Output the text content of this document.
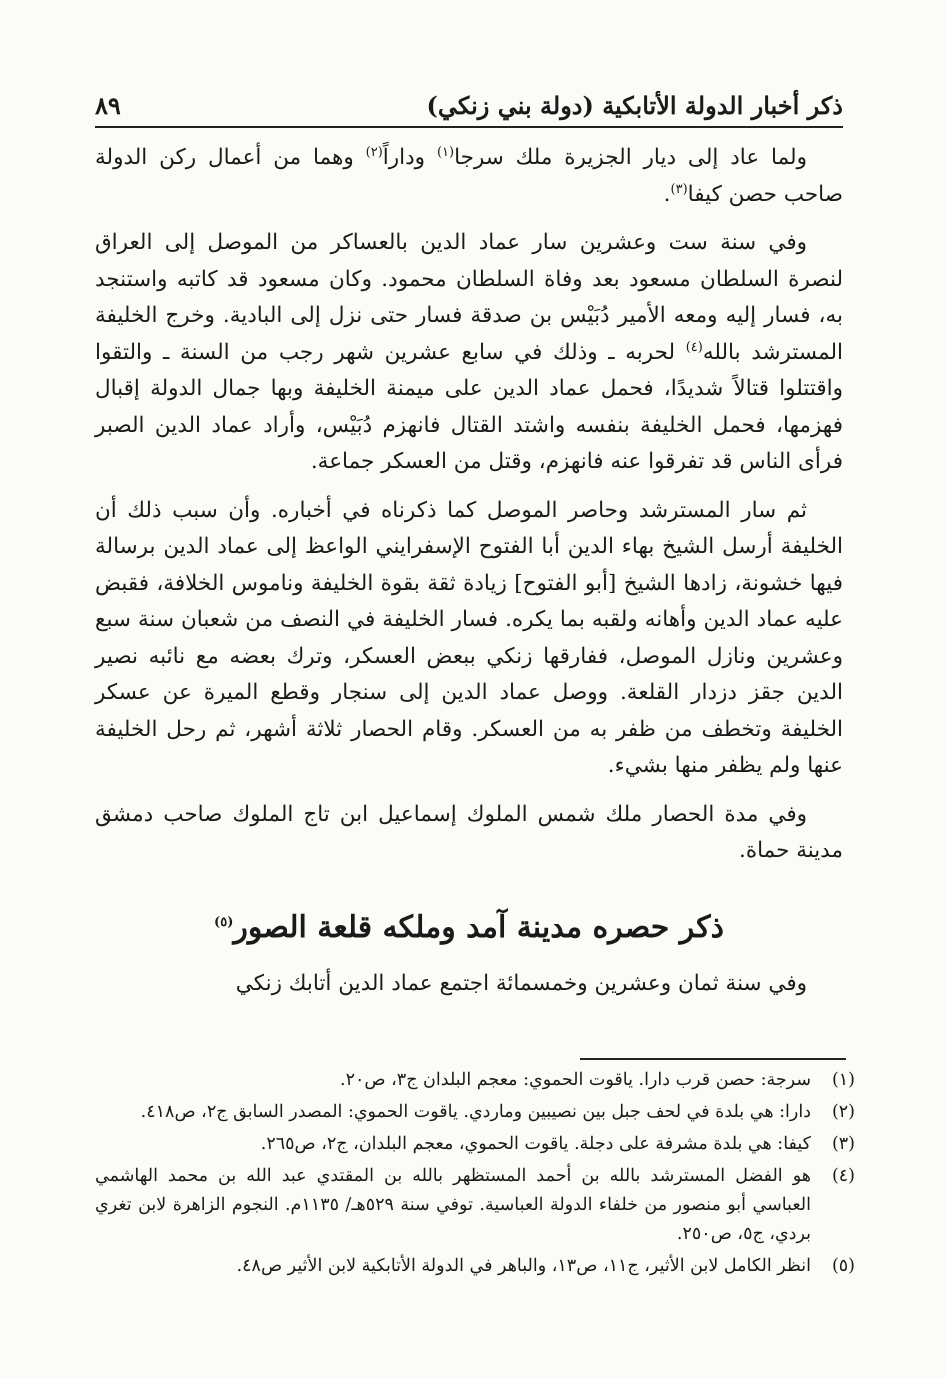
٨٩	ذكر أخبار الدولة الأتابكية (دولة بني زنكي)

ولما عاد إلى ديار الجزيرة ملك سرجا$^{(١)}$ وداراً$^{(٢)}$ وهما من أعمال ركن الدولة صاحب حصن كيفا$^{(٣)}$.

وفي سنة ست وعشرين سار عماد الدين بالعساكر من الموصل إلى العراق لنصرة السلطان مسعود بعد وفاة السلطان محمود. وكان مسعود قد كاتبه واستنجد به، فسار إليه ومعه الأمير دُبَيْس بن صدقة فسار حتى نزل إلى البادية. وخرج الخليفة المسترشد بالله$^{(٤)}$ لحربه ـ وذلك في سابع عشرين شهر رجب من السنة ـ والتقوا واقتتلوا قتالاً شديدًا، فحمل عماد الدين على ميمنة الخليفة وبها جمال الدولة إقبال فهزمها، فحمل الخليفة بنفسه واشتد القتال فانهزم دُبَيْس، وأراد عماد الدين الصبر فرأى الناس قد تفرقوا عنه فانهزم، وقتل من العسكر جماعة.

ثم سار المسترشد وحاصر الموصل كما ذكرناه في أخباره. وأن سبب ذلك أن الخليفة أرسل الشيخ بهاء الدين أبا الفتوح الإسفرايني الواعظ إلى عماد الدين برسالة فيها خشونة، زادها الشيخ [أبو الفتوح] زيادة ثقة بقوة الخليفة وناموس الخلافة، فقبض عليه عماد الدين وأهانه ولقبه بما يكره. فسار الخليفة في النصف من شعبان سنة سبع وعشرين ونازل الموصل، ففارقها زنكي ببعض العسكر، وترك بعضه مع نائبه نصير الدين جقز دزدار القلعة. ووصل عماد الدين إلى سنجار وقطع الميرة عن عسكر الخليفة وتخطف من ظفر به من العسكر. وقام الحصار ثلاثة أشهر، ثم رحل الخليفة عنها ولم يظفر منها بشيء.

وفي مدة الحصار ملك شمس الملوك إسماعيل ابن تاج الملوك صاحب دمشق مدينة حماة.

ذكر حصره مدينة آمد وملكه قلعة الصور$^{(٥)}$

وفي سنة ثمان وعشرين وخمسمائة اجتمع عماد الدين أتابك زنكي

(١)
سرجة: حصن قرب دارا. ياقوت الحموي: معجم البلدان ج٣، ص٢٠.
(٢)
دارا: هي بلدة في لحف جبل بين نصيبين وماردي. ياقوت الحموي: المصدر السابق ج٢، ص٤١٨.
(٣)
كيفا: هي بلدة مشرفة على دجلة. ياقوت الحموي، معجم البلدان، ج٢، ص٢٦٥.
(٤)
هو الفضل المسترشد بالله بن أحمد المستظهر بالله بن المقتدي عبد الله بن محمد الهاشمي العباسي أبو منصور من خلفاء الدولة العباسية. توفي سنة ٥٢٩هـ/ ١١٣٥م. النجوم الزاهرة لابن تغري بردي، ج٥، ص٢٥٠.
(٥)
انظر الكامل لابن الأثير، ج١١، ص١٣، والباهر في الدولة الأتابكية لابن الأثير ص٤٨.
